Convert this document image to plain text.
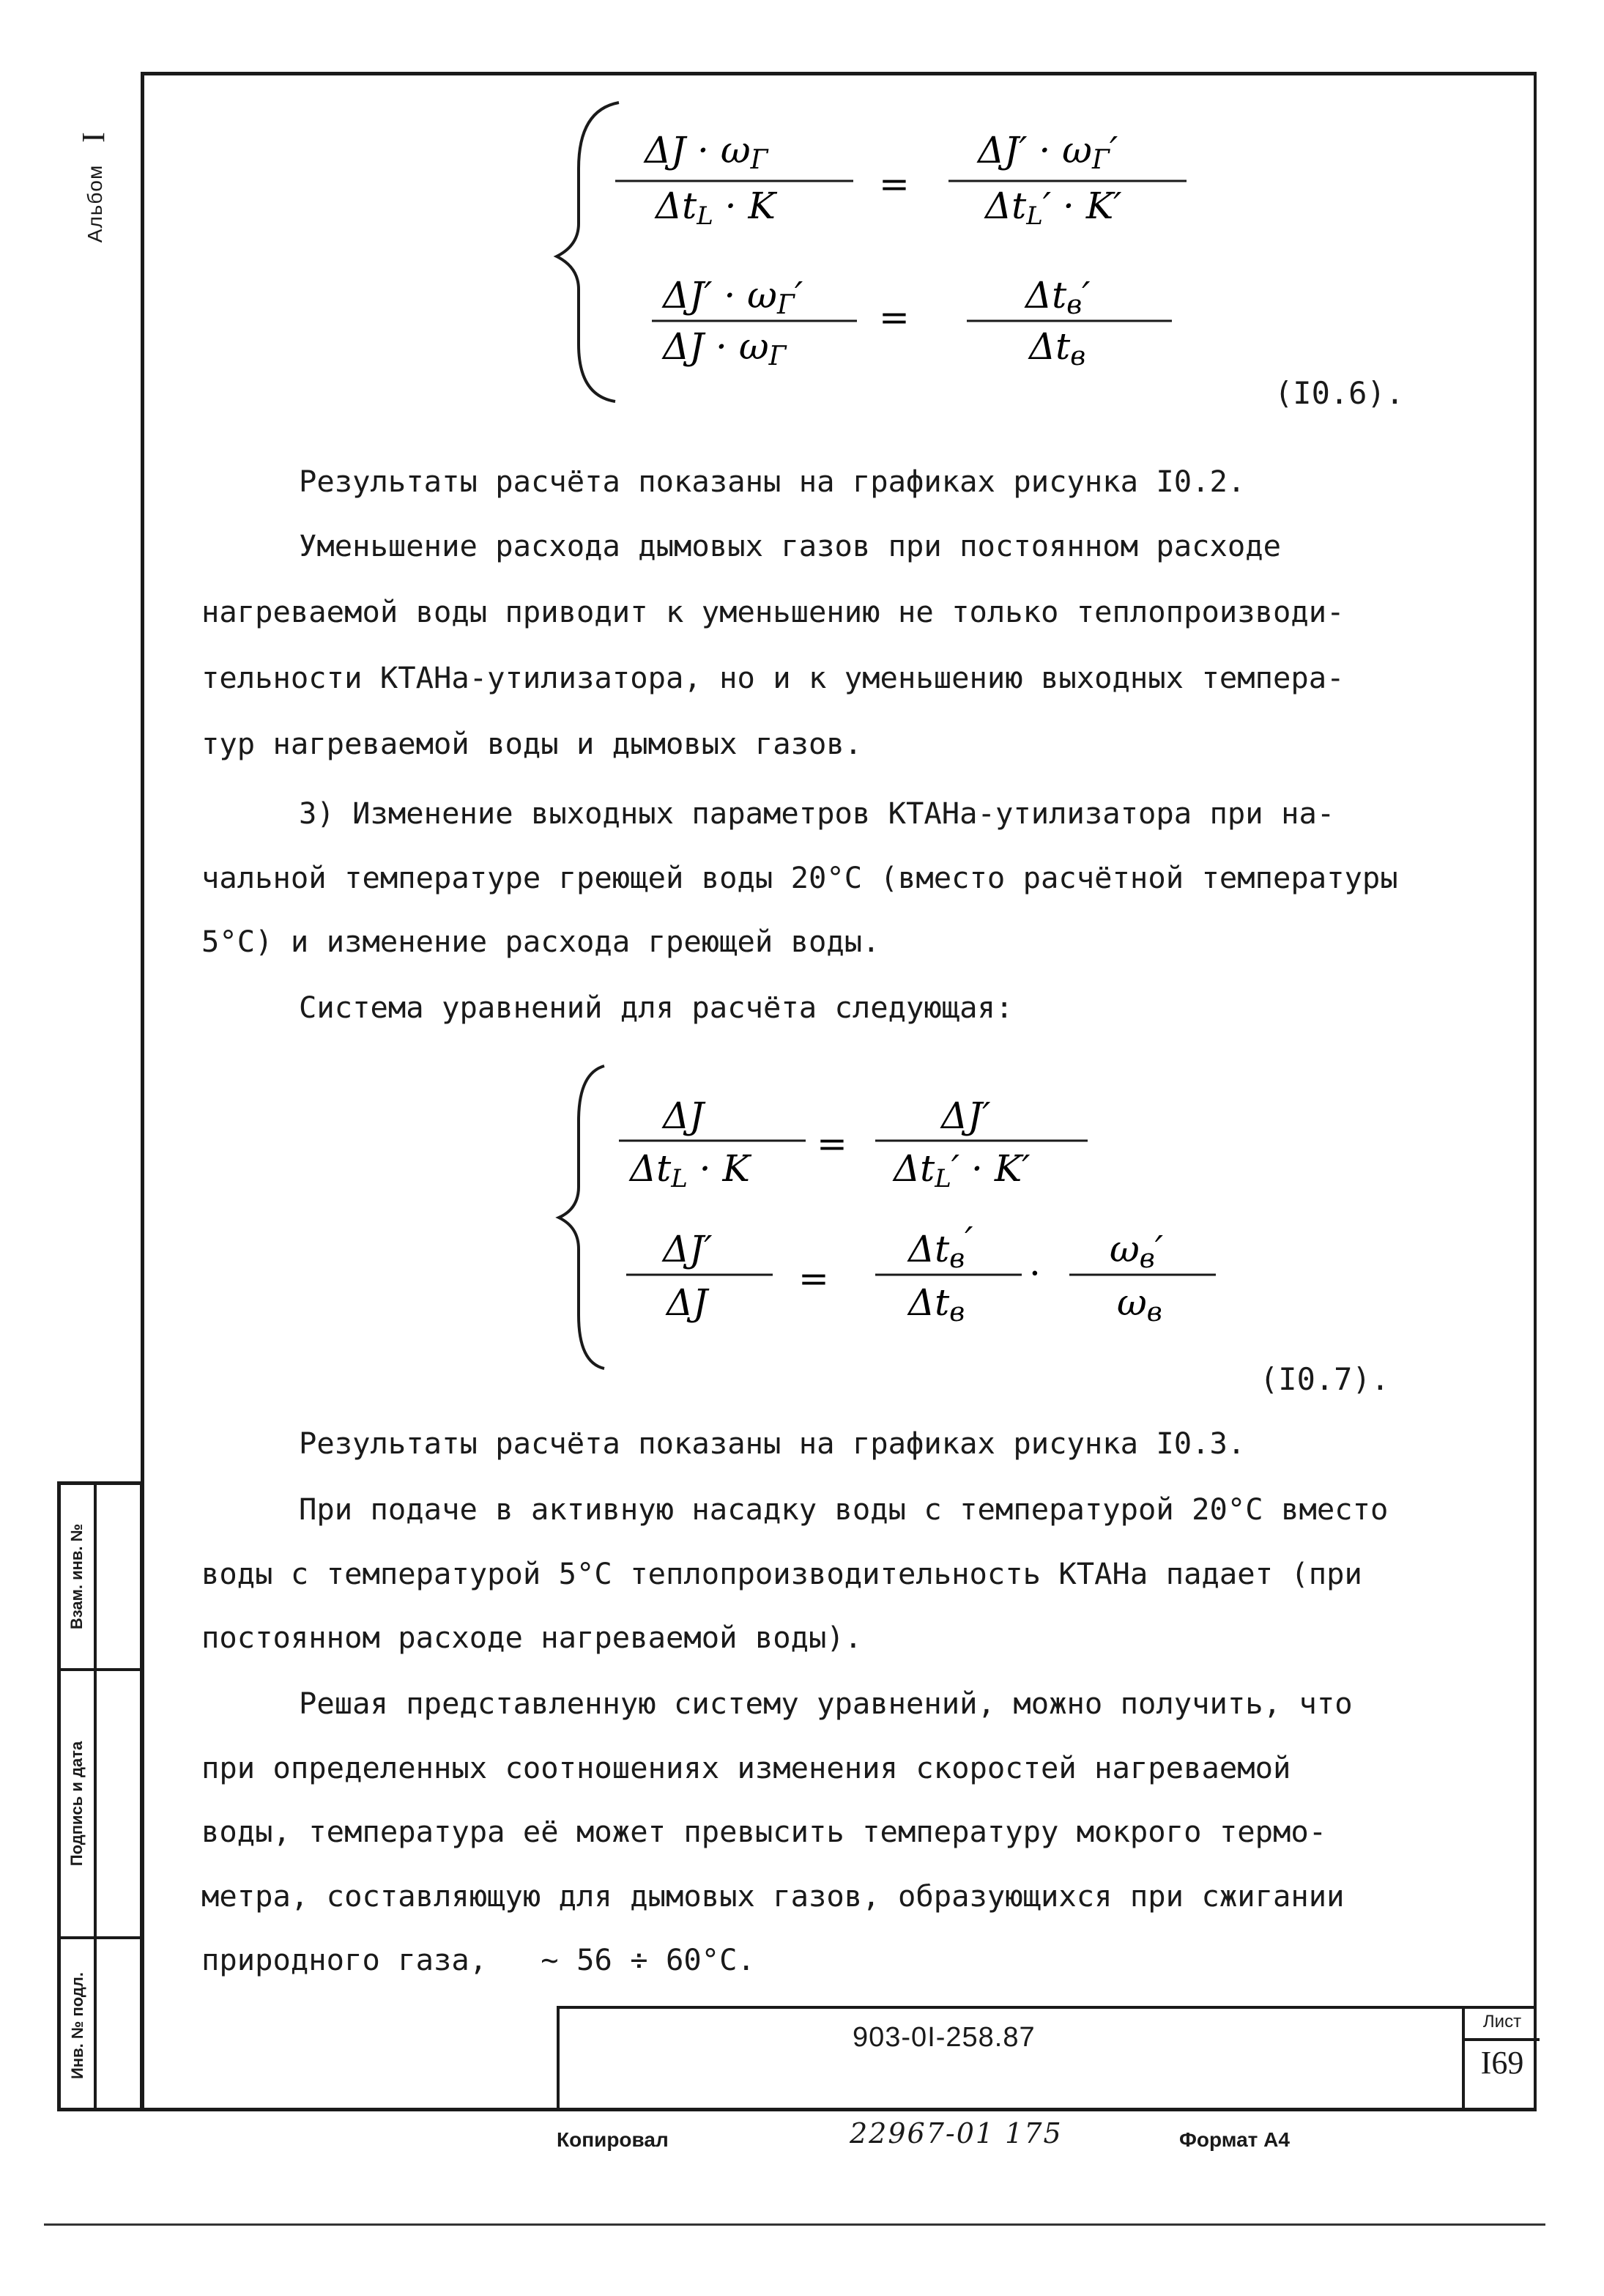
I
Альбом
Взам. инв. №
Подпись и дата
Инв. № подл.
ΔJ · ωГ
ΔtL · K
=
ΔJ′ · ωГ′
ΔtL′ · K′
ΔJ′ · ωГ′
ΔJ · ωГ
=
Δtв′
Δtв
ΔJ
ΔtL · K
=
ΔJ′
ΔtL′ · K′
ΔJ′
ΔJ
=
Δtв′
Δtв
·
ωв′
ωв
(I0.6).
(I0.7).
Результаты расчёта показаны на графиках рисунка I0.2.
Уменьшение расхода дымовых газов при постоянном расходе
нагреваемой воды приводит к уменьшению не только теплопроизводи-
тельности КТАНа-утилизатора, но и к уменьшению выходных темпера-
тур нагреваемой воды и дымовых газов.
3) Изменение выходных параметров КТАНа-утилизатора при на-
чальной температуре греющей воды 20°C (вместо расчётной температуры
5°C) и изменение расхода греющей воды.
Система уравнений для расчёта следующая:
Результаты расчёта показаны на графиках рисунка I0.3.
При подаче в активную насадку воды с температурой 20°C вместо
воды с температурой 5°C теплопроизводительность КТАНа падает (при
постоянном расходе нагреваемой воды).
Решая представленную систему уравнений, можно получить, что
при определенных соотношениях изменения скоростей нагреваемой
воды, температура её может превысить температуру мокрого термо-
метра, составляющую для дымовых газов, образующихся при сжигании
природного газа, ~ 56 ÷ 60°C.
903-0I-258.87
Лист
I69
Копировал	22967-01 175	Формат А4
